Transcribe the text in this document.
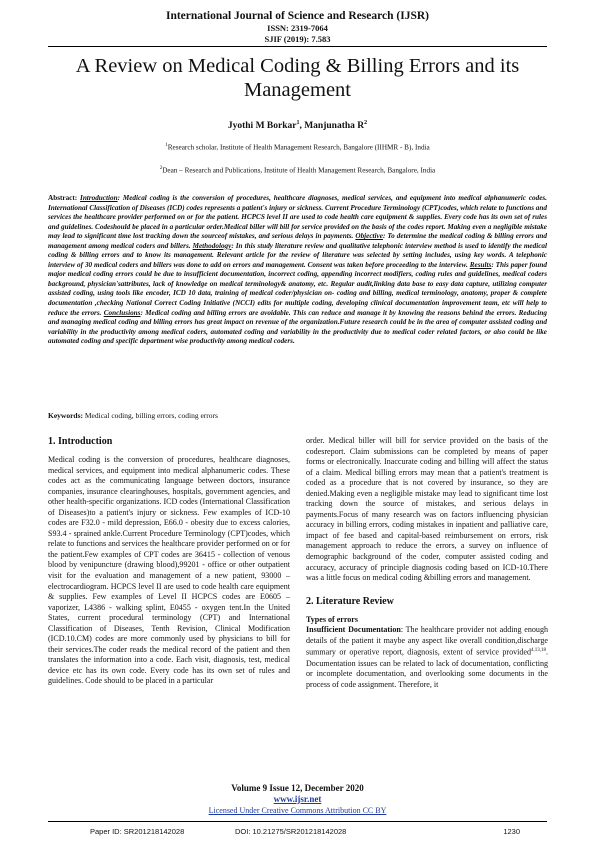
International Journal of Science and Research (IJSR)
ISSN: 2319-7064
SJIF (2019): 7.583
A Review on Medical Coding & Billing Errors and its Management
Jyothi M Borkar$^1$, Manjunatha $R^2$
$^1$Research scholar, Institute of Health Management Research, Bangalore (IIHMR - B), India
$^2$Dean – Research and Publications, Institute of Health Management Research, Bangalore, India
Abstract: Introduction: Medical coding is the conversion of procedures, healthcare diagnoses, medical services, and equipment into medical alphanumeric codes. International Classification of Diseases (ICD) codes represents a patient's injury or sickness. Current Procedure Terminology (CPT)codes, which relate to functions and services the healthcare provider performed on or for the patient. HCPCS level II are used to code health care equipment & supplies. Every code has its own set of rules and guidelines. Codeshould be placed in a particular order.Medical biller will bill for service provided on the basis of the codes report. Making even a negligible mistake may lead to significant time lost tracking down the sourceof mistakes, and serious delays in payments. Objective: To determine the medical coding & billing errors and management among medical coders and billers. Methodology: In this study literature review and qualitative telephonic interview method is used to identify the medical coding & billing errors and to know its management. Relevant article for the review of literature was selected by setting includes, using key words. A telephonic interview of 30 medical coders and billers was done to add on errors and management. Consent was taken before proceeding to the interview. Results: This paper found major medical coding errors could be due to insufficient documentation, incorrect coding, appending incorrect modifiers, coding rules and guidelines, medical coders background, physician'sattributes, lack of knowledge on medical terminology& anatomy, etc. Regular audit,linking data base to easy data capture, utilizing computer assisted coding, using tools like encoder, ICD 10 data, training of medical coder/physician on- coding and billing, medical terminology, anatomy, proper & complete documentation ,checking National Correct Coding Initiative (NCCI) edits for multiple coding, developing clinical documentation improvement team, etc will help to reduce the errors. Conclusions: Medical coding and billing errors are avoidable. This can reduce and manage it by knowing the reasons behind the errors. Reducing and managing medical coding and billing errors has great impact on revenue of the organization.Future research could be in the area of computer assisted coding and variability in the productivity among medical coders, automated coding and variability in the productivity due to medical coder related factors, or also could be like automated coding and specific department wise productivity among medical coders.
Keywords: Medical coding, billing errors, coding errors
1. Introduction
Medical coding is the conversion of procedures, healthcare diagnoses, medical services, and equipment into medical alphanumeric codes. These codes act as the communicating language between doctors, insurance companies, insurance clearinghouses, hospitals, government agencies, and other health-specific organizations. ICD codes (International Classification of Diseases)to a patient's injury or sickness. Few examples of ICD-10 codes are F32.0 - mild depression, E66.0 - obesity due to excess calories, S93.4 - sprained ankle.Current Procedure Terminology (CPT)codes, which relate to functions and services the healthcare provider performed on or for the patient.Few examples of CPT codes are 36415 - collection of venous blood by venipuncture (drawing blood),99201 - office or other outpatient visit for the evaluation and management of a new patient, 93000 – electrocardiogram. HCPCS level II are used to code health care equipment & supplies. Few examples of Level II HCPCS codes are E0605 – vaporizer, L4386 - walking splint, E0455 - oxygen tent.In the United States, current procedural terminology (CPT) and International Classification of Diseases, Tenth Revision, Clinical Modification (ICD.10.CM) codes are more commonly used by physicians to bill for their services.The coder reads the medical record of the patient and then translates the information into a code. Each visit, diagnosis, test, medical device etc has its own code. Every code has its own set of rules and guidelines. Code should to be placed in a particular
order. Medical biller will bill for service provided on the basis of the codesreport. Claim submissions can be completed by means of paper forms or electronically. Inaccurate coding and billing will affect the status of a claim. Medical billing errors may mean that a patient's treatment is coded as a procedure that is not covered by insurance, so they are denied.Making even a negligible mistake may lead to significant time lost tracking down the source of mistakes, and serious delays in payments.Focus of many research was on factors influencing physician accuracy in billing errors, coding mistakes in inpatient and palliative care, impact of fee based and capital-based reimbursement on errors, risk management approach to reduce the errors, a survey on influence of demographic background of the coder, computer assisted coding and accuracy, accuracy of principle diagnosis coding based on ICD-10.There was a little focus on medical coding &billing errors and management.
2. Literature Review
Types of errors
Insufficient Documentation: The healthcare provider not adding enough details of the patient it maybe any aspect like overall condition,discharge summary or operative report, diagnosis, extent of service provided$^{4,13,18}$. Documentation issues can be related to lack of documentation, conflicting or incomplete documentation, and overlooking some documents in the process of code assignment. Therefore, it
Volume 9 Issue 12, December 2020
www.ijsr.net
Licensed Under Creative Commons Attribution CC BY
Paper ID: SR201218142028	DOI: 10.21275/SR201218142028	1230
